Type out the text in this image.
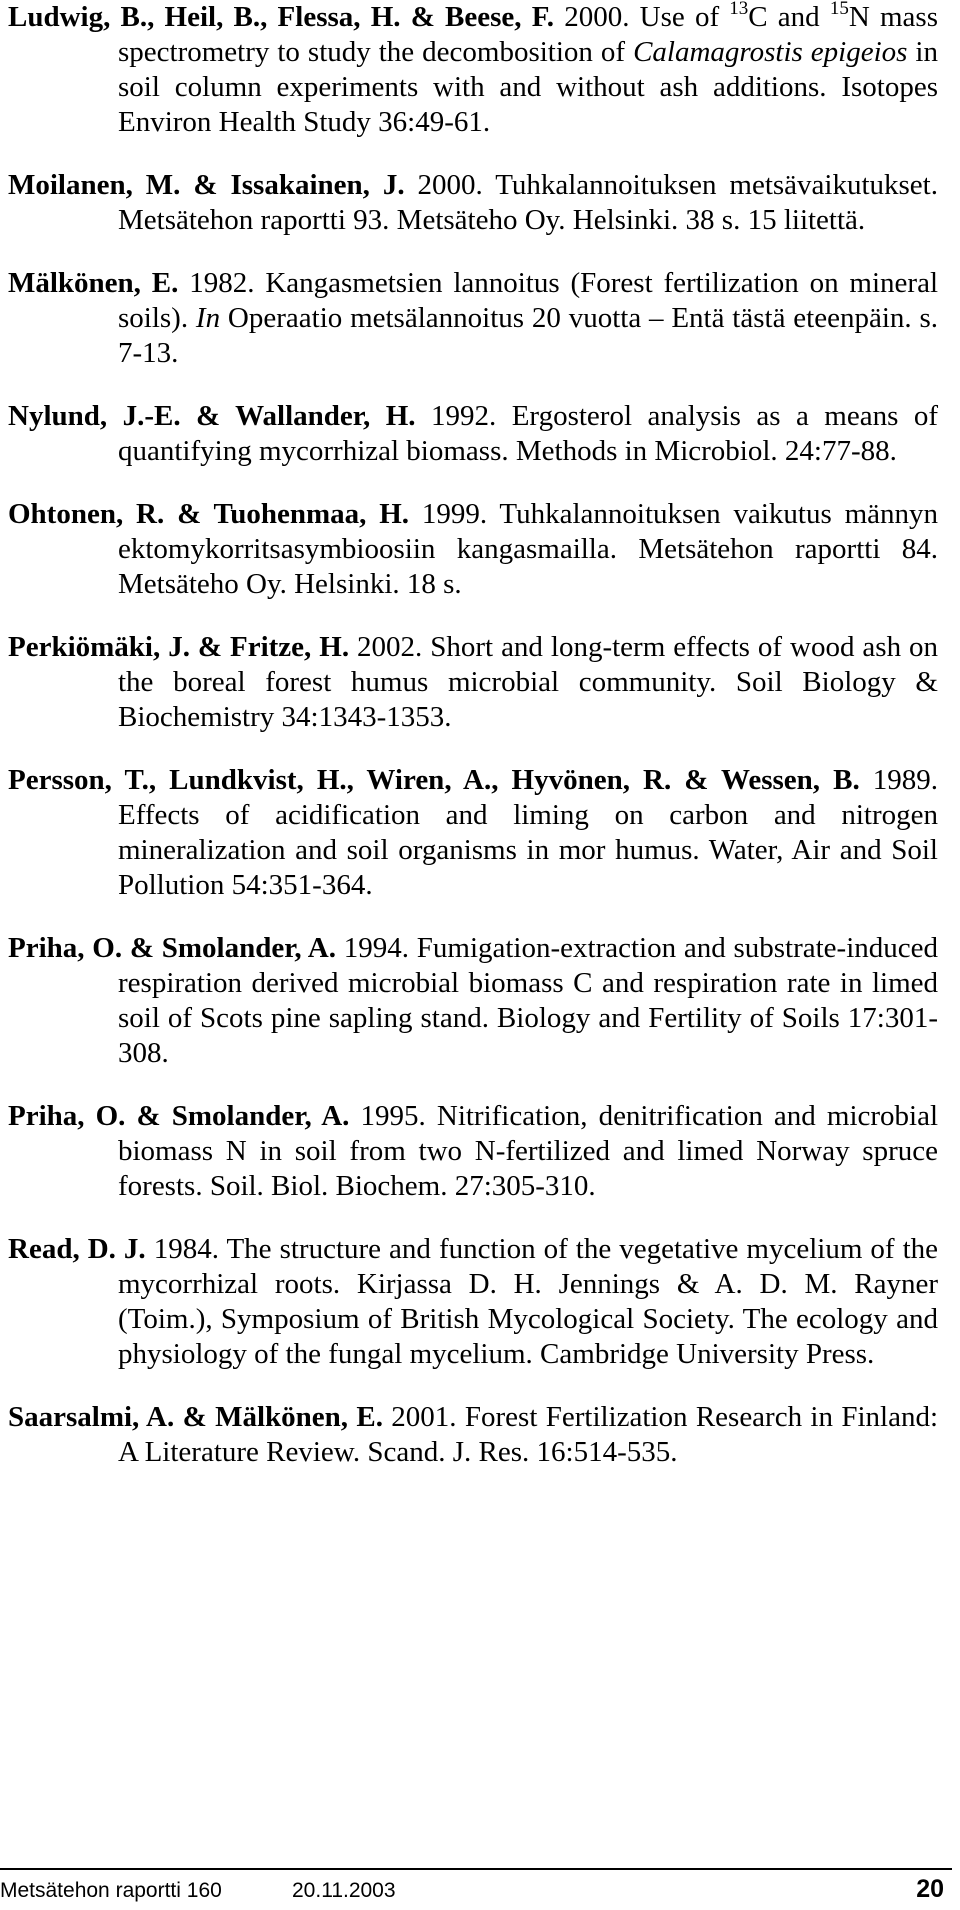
Ludwig, B., Heil, B., Flessa, H. & Beese, F. 2000. Use of $^{13}$C and $^{15}$N mass spectrometry to study the decombosition of Calamagrostis epigeios in soil column experiments with and without ash additions. Isotopes Environ Health Study 36:49-61.

Moilanen, M. & Issakainen, J. 2000. Tuhkalannoituksen metsävaikutukset. Metsätehon raportti 93. Metsäteho Oy. Helsinki. 38 s. 15 liitettä.

Mälkönen, E. 1982. Kangasmetsien lannoitus (Forest fertilization on mineral soils). In Operaatio metsälannoitus 20 vuotta – Entä tästä eteenpäin. s. 7-13.

Nylund, J.-E. & Wallander, H. 1992. Ergosterol analysis as a means of quantifying mycorrhizal biomass. Methods in Microbiol. 24:77-88.

Ohtonen, R. & Tuohenmaa, H. 1999. Tuhkalannoituksen vaikutus männyn ektomykorritsasymbioosiin kangasmailla. Metsätehon raportti 84. Metsäteho Oy. Helsinki. 18 s.

Perkiömäki, J. & Fritze, H. 2002. Short and long-term effects of wood ash on the boreal forest humus microbial community. Soil Biology & Biochemistry 34:1343-1353.

Persson, T., Lundkvist, H., Wiren, A., Hyvönen, R. & Wessen, B. 1989. Effects of acidification and liming on carbon and nitrogen mineralization and soil organisms in mor humus. Water, Air and Soil Pollution 54:351-364.

Priha, O. & Smolander, A. 1994. Fumigation-extraction and substrate-induced respiration derived microbial biomass C and respiration rate in limed soil of Scots pine sapling stand. Biology and Fertility of Soils 17:301-308.

Priha, O. & Smolander, A. 1995. Nitrification, denitrification and microbial biomass N in soil from two N-fertilized and limed Norway spruce forests. Soil. Biol. Biochem. 27:305-310.

Read, D. J. 1984. The structure and function of the vegetative mycelium of the mycorrhizal roots. Kirjassa D. H. Jennings & A. D. M. Rayner (Toim.), Symposium of British Mycological Society. The ecology and physiology of the fungal mycelium. Cambridge University Press.

Saarsalmi, A. & Mälkönen, E. 2001. Forest Fertilization Research in Finland: A Literature Review. Scand. J. Res. 16:514-535.

Metsätehon raportti 160	20.11.2003	20
